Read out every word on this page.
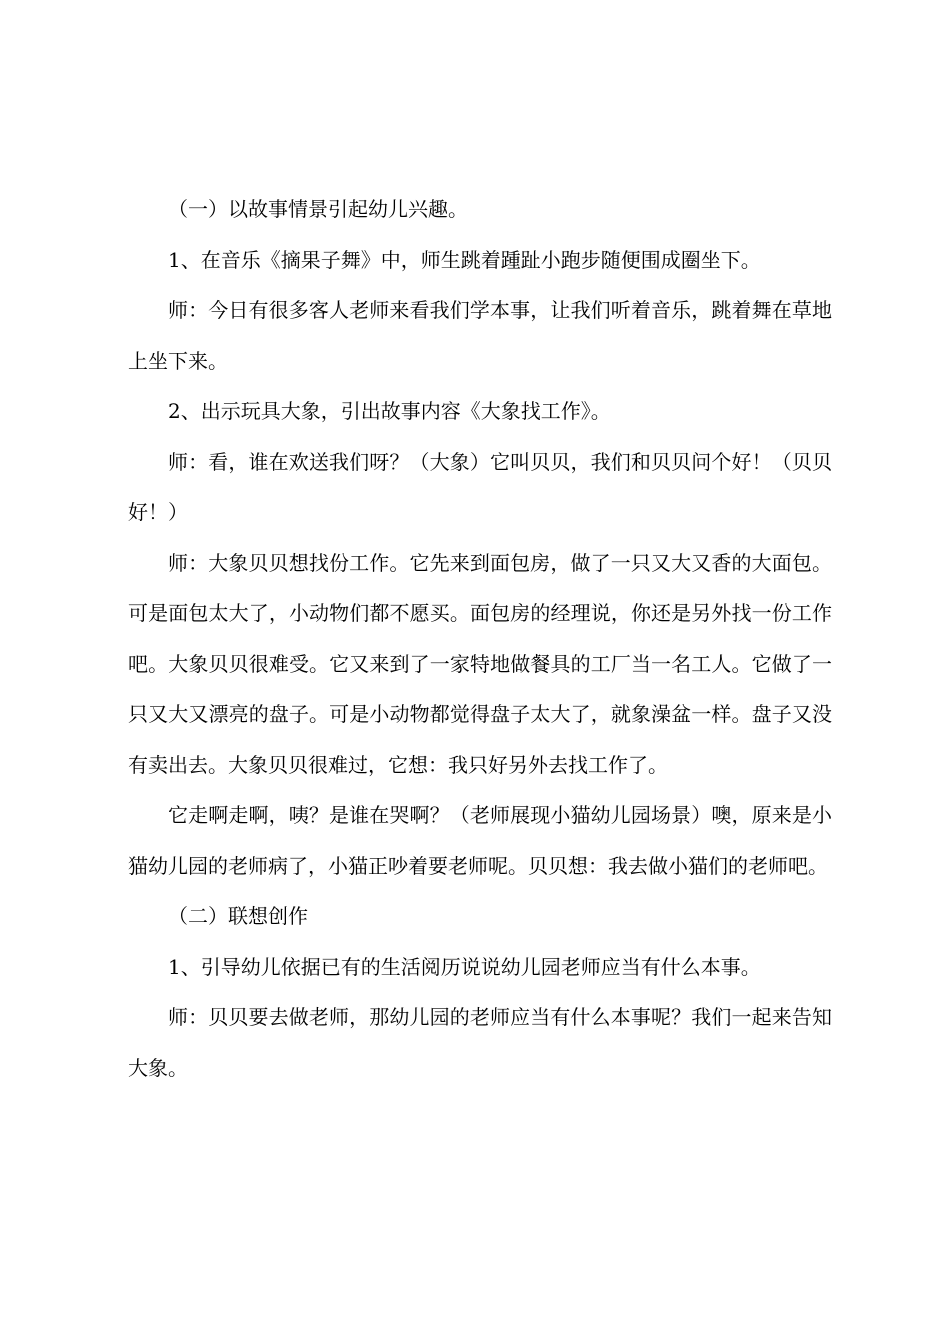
（一）以故事情景引起幼儿兴趣。

1、在音乐《摘果子舞》中，师生跳着踵趾小跑步随便围成圈坐下。

师：今日有很多客人老师来看我们学本事，让我们听着音乐，跳着舞在草地上坐下来。

2、出示玩具大象，引出故事内容《大象找工作》。

师：看，谁在欢送我们呀？（大象）它叫贝贝，我们和贝贝问个好！（贝贝好！）

师：大象贝贝想找份工作。它先来到面包房，做了一只又大又香的大面包。可是面包太大了，小动物们都不愿买。面包房的经理说，你还是另外找一份工作吧。大象贝贝很难受。它又来到了一家特地做餐具的工厂当一名工人。它做了一只又大又漂亮的盘子。可是小动物都觉得盘子太大了，就象澡盆一样。盘子又没有卖出去。大象贝贝很难过，它想：我只好另外去找工作了。

它走啊走啊，咦？是谁在哭啊？（老师展现小猫幼儿园场景）噢，原来是小猫幼儿园的老师病了，小猫正吵着要老师呢。贝贝想：我去做小猫们的老师吧。

（二）联想创作

1、引导幼儿依据已有的生活阅历说说幼儿园老师应当有什么本事。

师：贝贝要去做老师，那幼儿园的老师应当有什么本事呢？我们一起来告知大象。
